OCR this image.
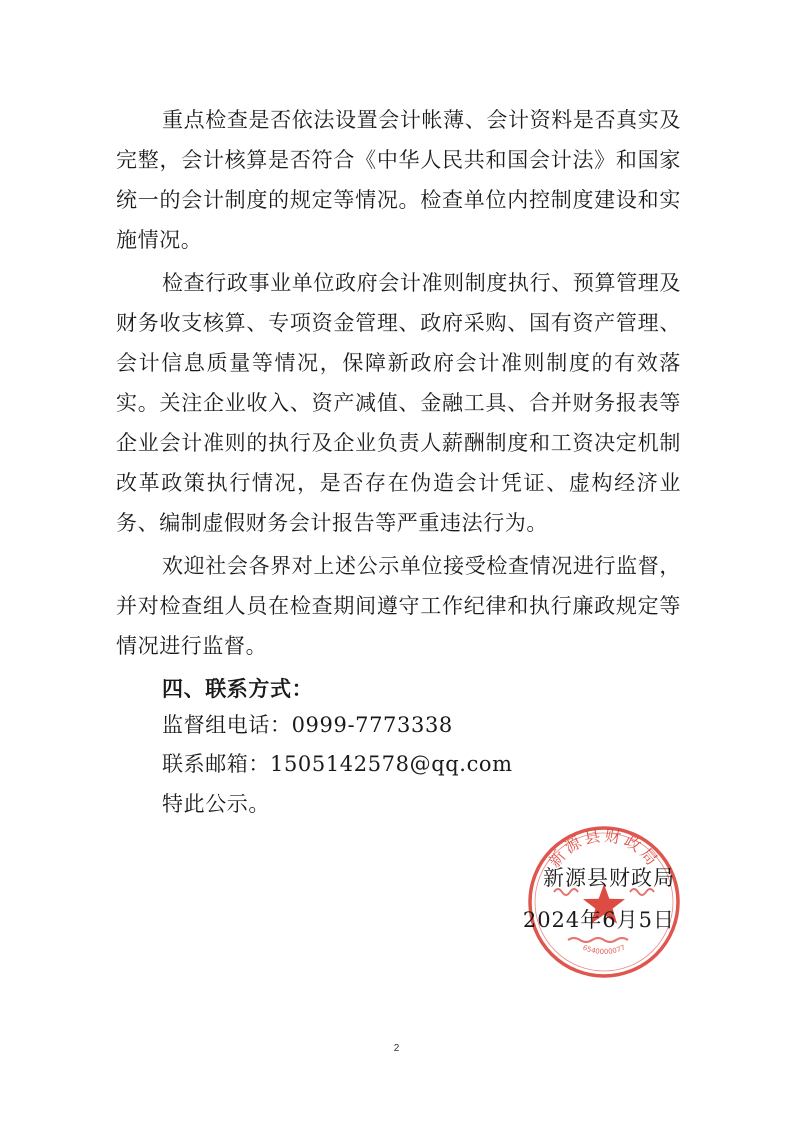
重点检查是否依法设置会计帐薄、会计资料是否真实及完整，会计核算是否符合《中华人民共和国会计法》和国家统一的会计制度的规定等情况。检查单位内控制度建设和实施情况。

检查行政事业单位政府会计准则制度执行、预算管理及财务收支核算、专项资金管理、政府采购、国有资产管理、会计信息质量等情况，保障新政府会计准则制度的有效落实。关注企业收入、资产减值、金融工具、合并财务报表等企业会计准则的执行及企业负责人薪酬制度和工资决定机制改革政策执行情况，是否存在伪造会计凭证、虚构经济业务、编制虚假财务会计报告等严重违法行为。

欢迎社会各界对上述公示单位接受检查情况进行监督，并对检查组人员在检查期间遵守工作纪律和执行廉政规定等情况进行监督。

四、联系方式：

监督组电话：0999-7773338

联系邮箱：1505142578@qq.com

特此公示。

新源县财政局
6540000077

新源县财政局

2024年6月5日

2
